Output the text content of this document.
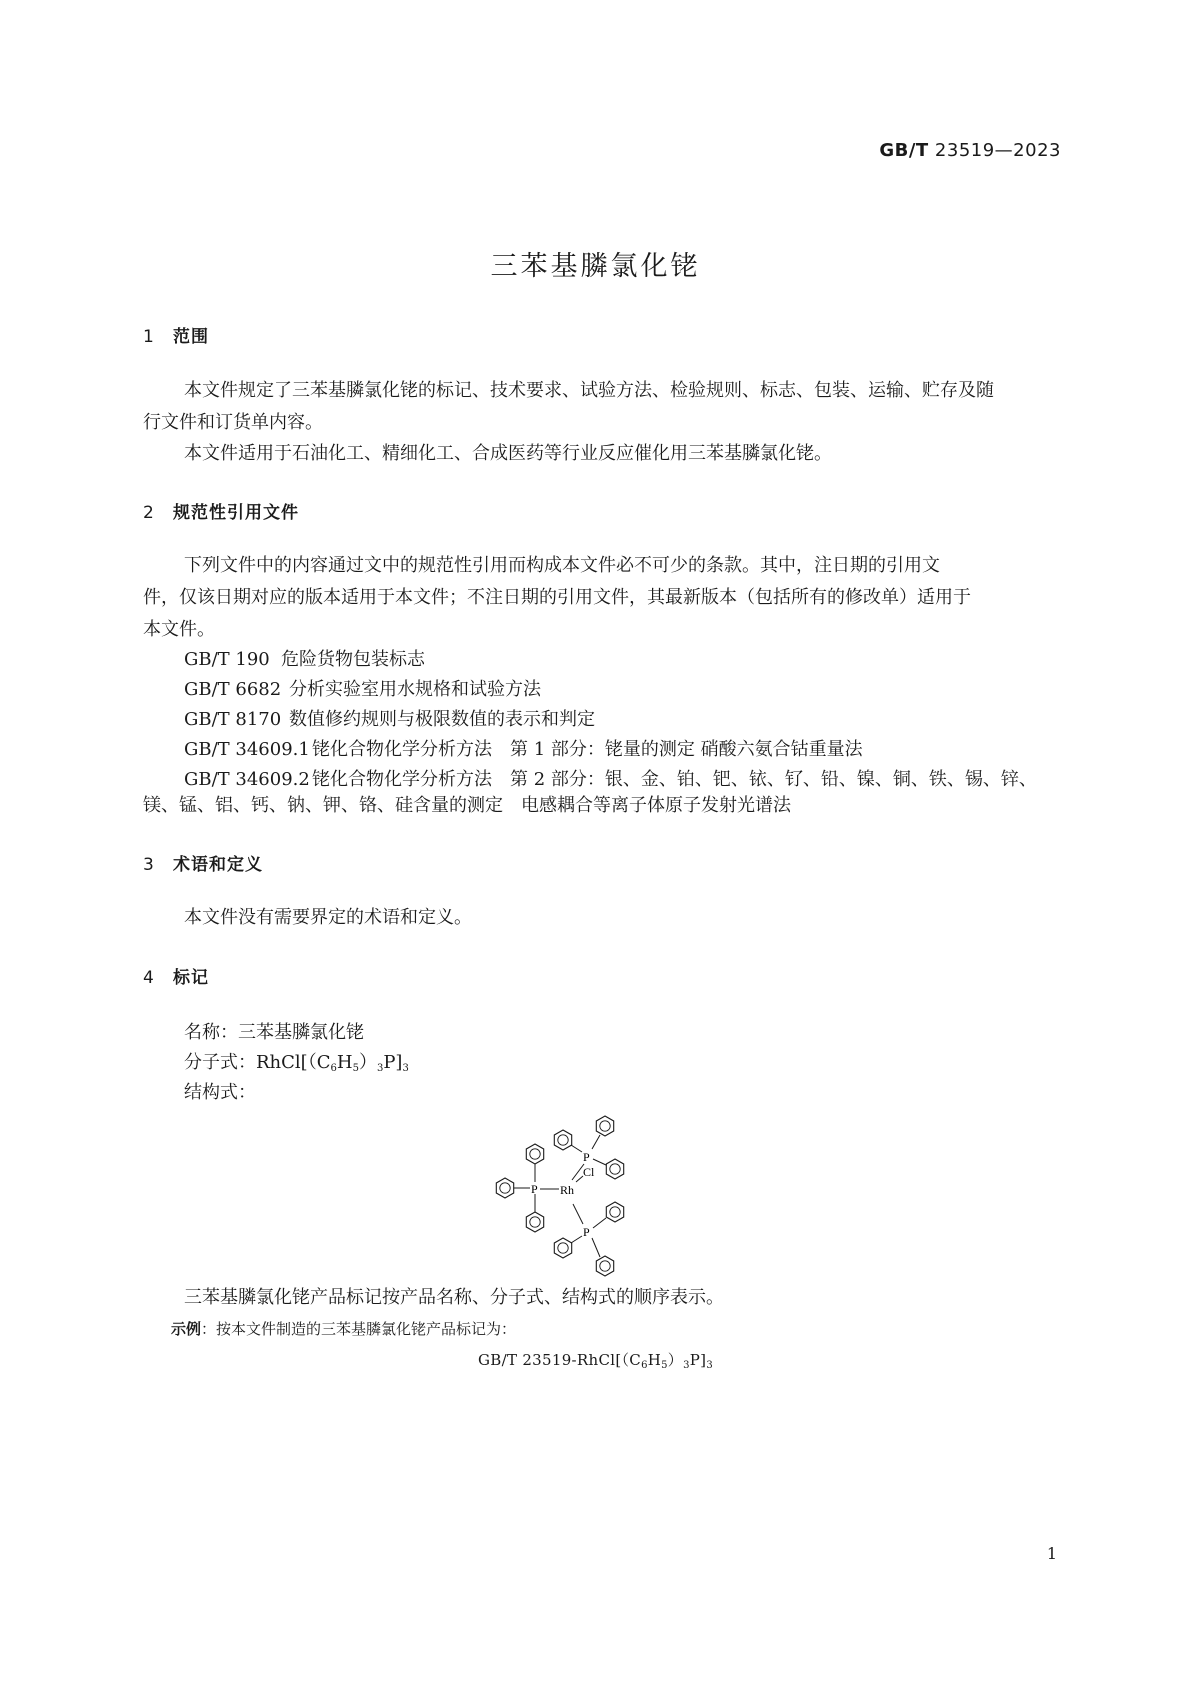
GB/T 23519—2023
三苯基膦氯化铑
1 范围
本文件规定了三苯基膦氯化铑的标记、技术要求、试验方法、检验规则、标志、包装、运输、贮存及随
行文件和订货单内容。
本文件适用于石油化工、精细化工、合成医药等行业反应催化用三苯基膦氯化铑。
2 规范性引用文件
下列文件中的内容通过文中的规范性引用而构成本文件必不可少的条款。其中，注日期的引用文
件，仅该日期对应的版本适用于本文件；不注日期的引用文件，其最新版本（包括所有的修改单）适用于
本文件。
GB/T 190 危险货物包装标志
GB/T 6682 分析实验室用水规格和试验方法
GB/T 8170 数值修约规则与极限数值的表示和判定
GB/T 34609.1 铑化合物化学分析方法　第 1 部分：铑量的测定 硝酸六氨合钴重量法
GB/T 34609.2 铑化合物化学分析方法　第 2 部分：银、金、铂、钯、铱、钌、铅、镍、铜、铁、锡、锌、
镁、锰、铝、钙、钠、钾、铬、硅含量的测定　电感耦合等离子体原子发射光谱法
3 术语和定义
本文件没有需要界定的术语和定义。
4 标记
名称：三苯基膦氯化铑
分子式：$RhCl[(C_6H_5)_3P]_3$
结构式：
P Rh
Cl
P
P
三苯基膦氯化铑产品标记按产品名称、分子式、结构式的顺序表示。
示例：按本文件制造的三苯基膦氯化铑产品标记为：
GB/T $23519-RhCl[(C_6H_5)_3P]_3$
1
